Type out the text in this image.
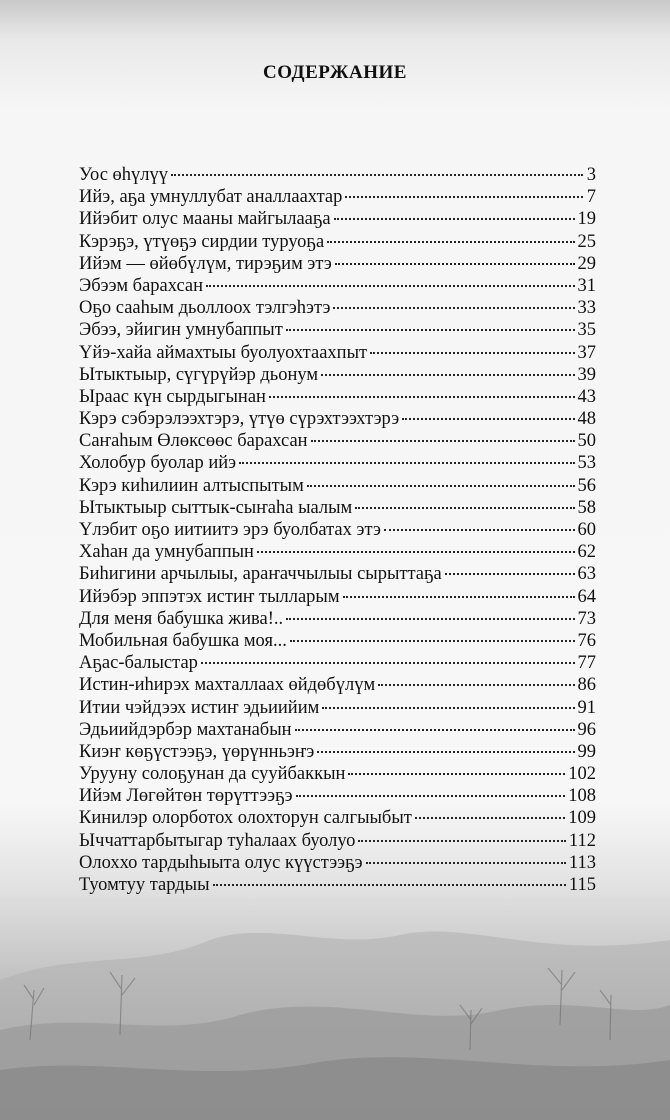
СОДЕРЖАНИЕ
Уос өһүлүү	3
Ийэ, аҕа умнуллубат аналлаахтар	7
Ийэбит олус мааны майгылааҕа	19
Кэрэҕэ, үтүөҕэ сирдии туруоҕа	25
Ийэм — өйөбүлүм, тирэҕим этэ	29
Эбээм барахсан	31
Оҕо сааһым дьоллоох тэлгэһэтэ	33
Эбээ, эйигин умнубаппыт	35
Үйэ-хайа аймахтыы буолуохтаахпыт	37
Ытыктыыр, сүгүрүйэр дьонум	39
Ыраас күн сырдыгынан	43
Кэрэ сэбэрэлээхтэрэ, үтүө сүрэхтээхтэрэ	48
Саҥаһым Өлөксөөс барахсан	50
Холобур буолар ийэ	53
Кэрэ киһилиин алтыспытым	56
Ытыктыыр сыттык-сыҥаһа ыалым	58
Үлэбит оҕо иитиитэ эрэ буолбатах этэ	60
Хаһан да умнубаппын	62
Биһигини арчылыы, араҥаччылыы сырыттаҕа	63
Ийэбэр эппэтэх истиҥ тылларым	64
Для меня бабушка жива!..	73
Мобильная бабушка моя...	76
Аҕас-балыстар	77
Истин-иһирэх махталлаах өйдөбүлүм	86
Итии чэйдээх истиҥ эдьиийим	91
Эдьиийдэрбэр махтанабын	96
Киэҥ көҕүстээҕэ, үөрүнньэҥэ	99
Уруунy солоҕунан да сууйбаккын	102
Ийэм Лөгөйтөн төрүттээҕэ	108
Кинилэр олорботох олохторун салгыыбыт	109
Ыччаттарбытыгар туһалаах буолуо	112
Олоххо тардыһыыта олус күүстээҕэ	113
Туомтуу тардыы	115
